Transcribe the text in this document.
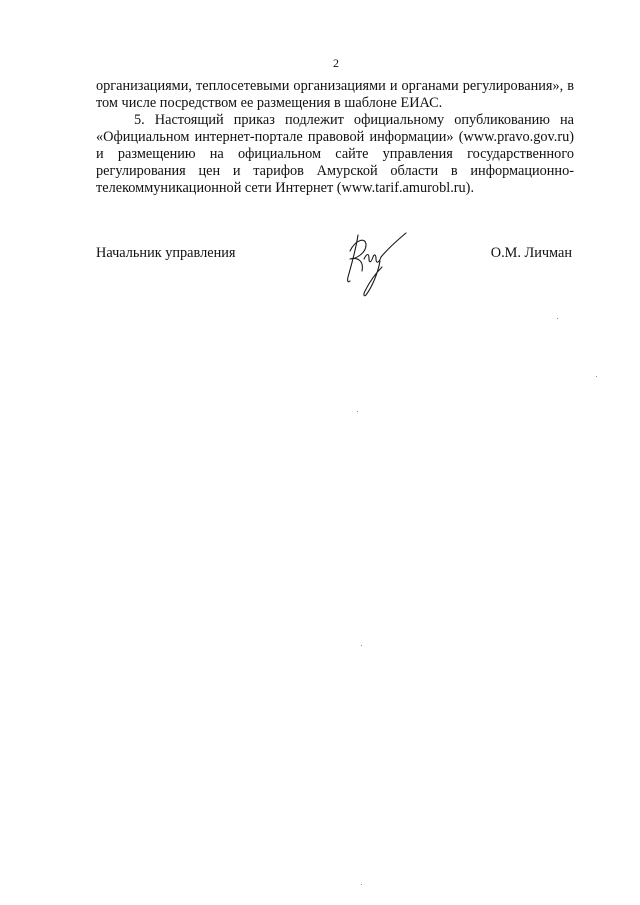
2

организациями, теплосетевыми организациями и органами регулирования», в

том числе посредством ее размещения в шаблоне ЕИАС.

5. Настоящий приказ подлежит официальному опубликованию на

«Официальном интернет-портале правовой информации» (www.pravo.gov.ru)

и размещению на официальном сайте управления государственного

регулирования цен и тарифов Амурской области в информационно-

телекоммуникационной сети Интернет (www.tarif.amurobl.ru).

Начальник управления	О.М. Личман
